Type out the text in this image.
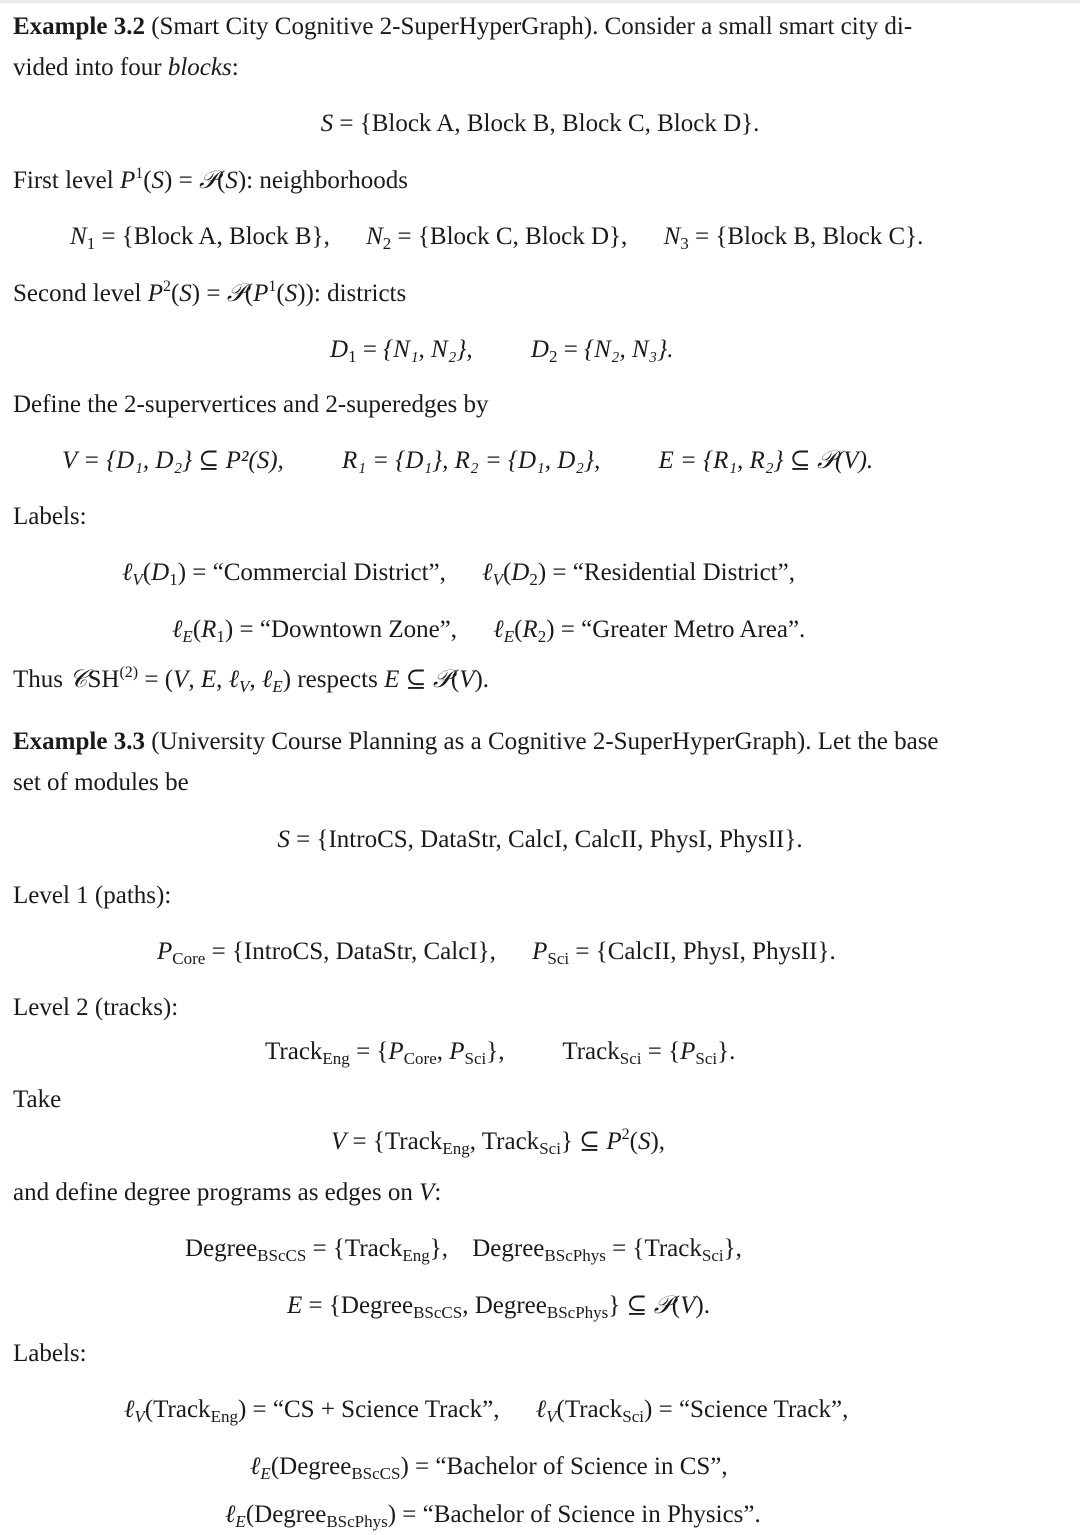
Example 3.2 (Smart City Cognitive 2-SuperHyperGraph). Consider a small smart city di-
vided into four blocks:
S = {Block A, Block B, Block C, Block D}.
First level $P^1(S)$ = 𝒫(S): neighborhoods
$N_1$ = {Block A, Block B}, $N_2$ = {Block C, Block D}, $N_3$ = {Block B, Block C}.
Second level $P^2(S)$ = $𝒫(P^1(S))$: districts
$D_1 = \{N_1$, N₂}, $D_2 = \{N_2$, N₃}.
Define the 2-supervertices and 2-superedges by
V = {D₁, D₂} ⊆ P²(S), R₁ = {D₁}, R₂ = {D₁, D₂}, E = {R₁, R₂} ⊆ 𝒫(V).
Labels:
$\ell_V(D_1)$ = “Commercial District”, $\ell_V(D_2)$ = “Residential District”,
$\ell_E(R_1)$ = “Downtown Zone”, $\ell_E(R_2)$ = “Greater Metro Area”.
Thus 𝒞SH$^{(2)}$ = (V, E, ℓ$_V$, ℓ$_E$) respects E ⊆ 𝒫(V).
Example 3.3 (University Course Planning as a Cognitive 2-SuperHyperGraph). Let the base
set of modules be
S = {IntroCS, DataStr, CalcI, CalcII, PhysI, PhysII}.
Level 1 (paths):
$P_{Core}$ = {IntroCS, DataStr, CalcI}, $P_{Sci}$ = {CalcII, PhysI, PhysII}.
Level 2 (tracks):
Track$_{Eng}$ = {$P_{Core}$, $P_{Sci}$}, Track$_{Sci}$ = $\{P_{Sci}\}$.
Take
V = {Track$_{Eng}$, Track$_{Sci}$} ⊆ $P^2(S)$,
and define degree programs as edges on V:
Degree$_{BScCS}$ = {Track$_{Eng}$}, Degree$_{BScPhys}$ = {Track$_{Sci}$},
E = {Degree$_{BScCS}$, Degree$_{BScPhys}$} ⊆ 𝒫(V).
Labels:
ℓ$_V$(Track$_{Eng}$) = “CS + Science Track”, ℓ$_V$(Track$_{Sci}$) = “Science Track”,
ℓ$_E$(Degree$_{BScCS}$) = “Bachelor of Science in CS”,
ℓ$_E$(Degree$_{BScPhys}$) = “Bachelor of Science in Physics”.
